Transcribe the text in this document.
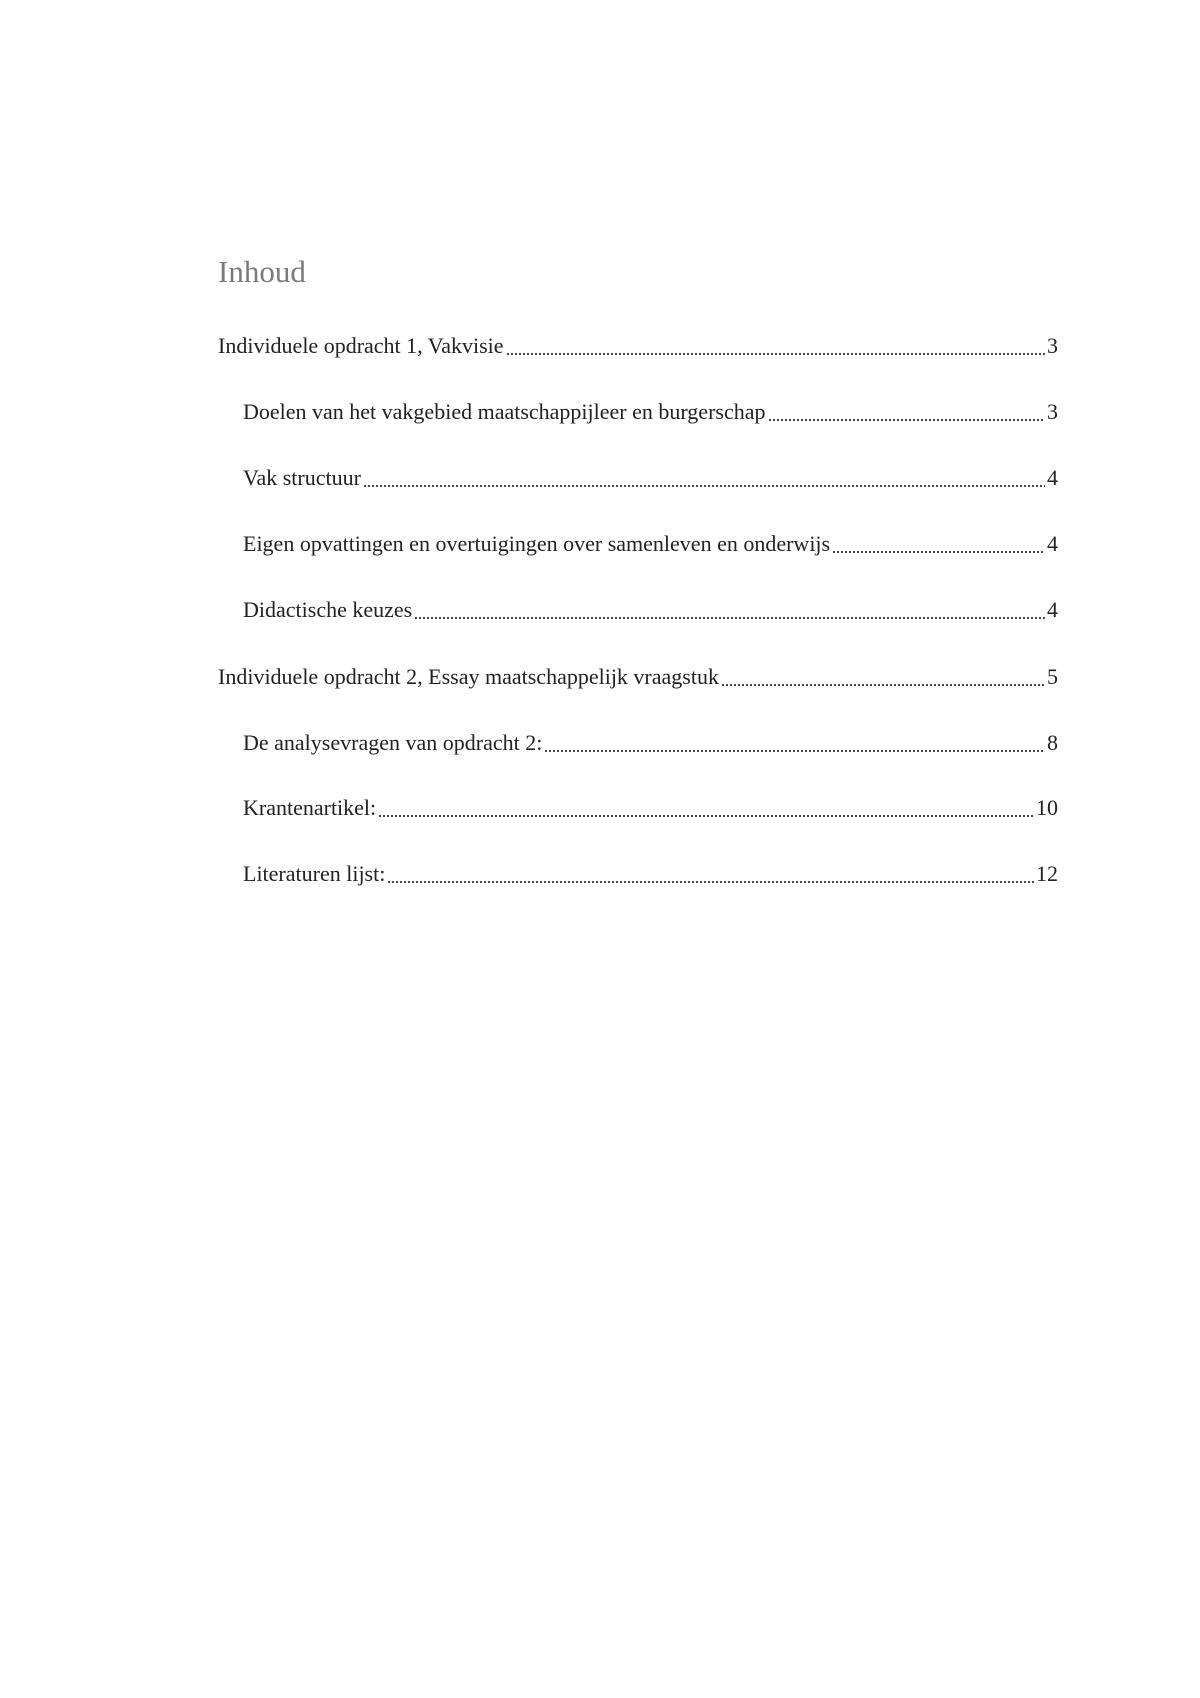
Inhoud
Individuele opdracht 1, Vakvisie	3
Doelen van het vakgebied maatschappijleer en burgerschap	3
Vak structuur	4
Eigen opvattingen en overtuigingen over samenleven en onderwijs	4
Didactische keuzes	4
Individuele opdracht 2, Essay maatschappelijk vraagstuk	5
De analysevragen van opdracht 2:	8
Krantenartikel:	10
Literaturen lijst:	12
